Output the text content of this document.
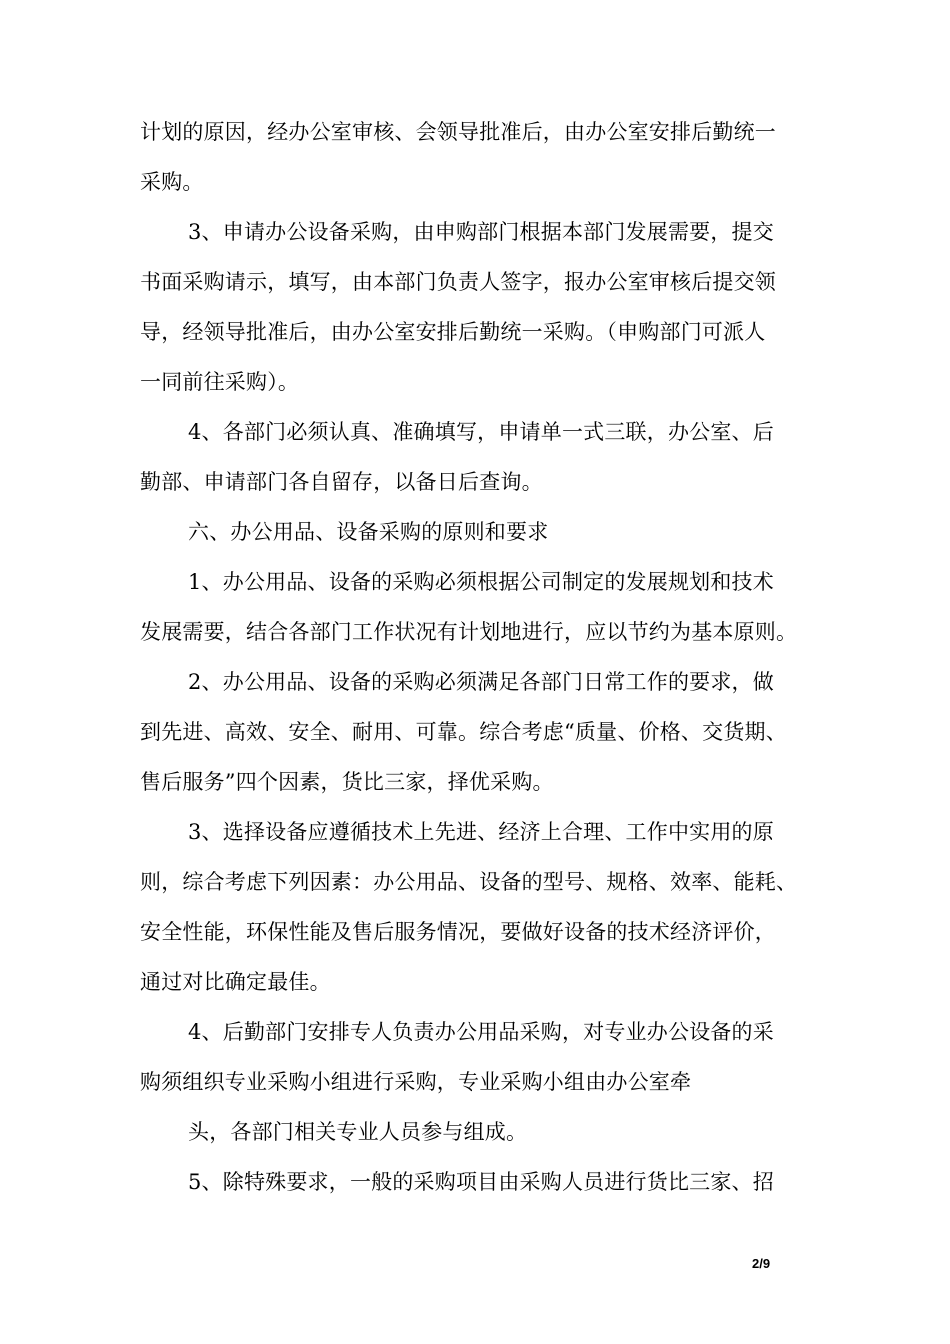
计划的原因，经办公室审核、会领导批准后，由办公室安排后勤统一
采购。
3、申请办公设备采购，由申购部门根据本部门发展需要，提交
书面采购请示，填写，由本部门负责人签字，报办公室审核后提交领
导，经领导批准后，由办公室安排后勤统一采购。（申购部门可派人
一同前往采购）。
4、各部门必须认真、准确填写，申请单一式三联，办公室、后
勤部、申请部门各自留存，以备日后查询。
六、办公用品、设备采购的原则和要求
1、办公用品、设备的采购必须根据公司制定的发展规划和技术
发展需要，结合各部门工作状况有计划地进行，应以节约为基本原则。
2、办公用品、设备的采购必须满足各部门日常工作的要求，做
到先进、高效、安全、耐用、可靠。综合考虑“质量、价格、交货期、
售后服务”四个因素，货比三家，择优采购。
3、选择设备应遵循技术上先进、经济上合理、工作中实用的原
则，综合考虑下列因素：办公用品、设备的型号、规格、效率、能耗、
安全性能，环保性能及售后服务情况，要做好设备的技术经济评价，
通过对比确定最佳。
4、后勤部门安排专人负责办公用品采购，对专业办公设备的采
购须组织专业采购小组进行采购，专业采购小组由办公室牵
头，各部门相关专业人员参与组成。
5、除特殊要求，一般的采购项目由采购人员进行货比三家、招
2/9
